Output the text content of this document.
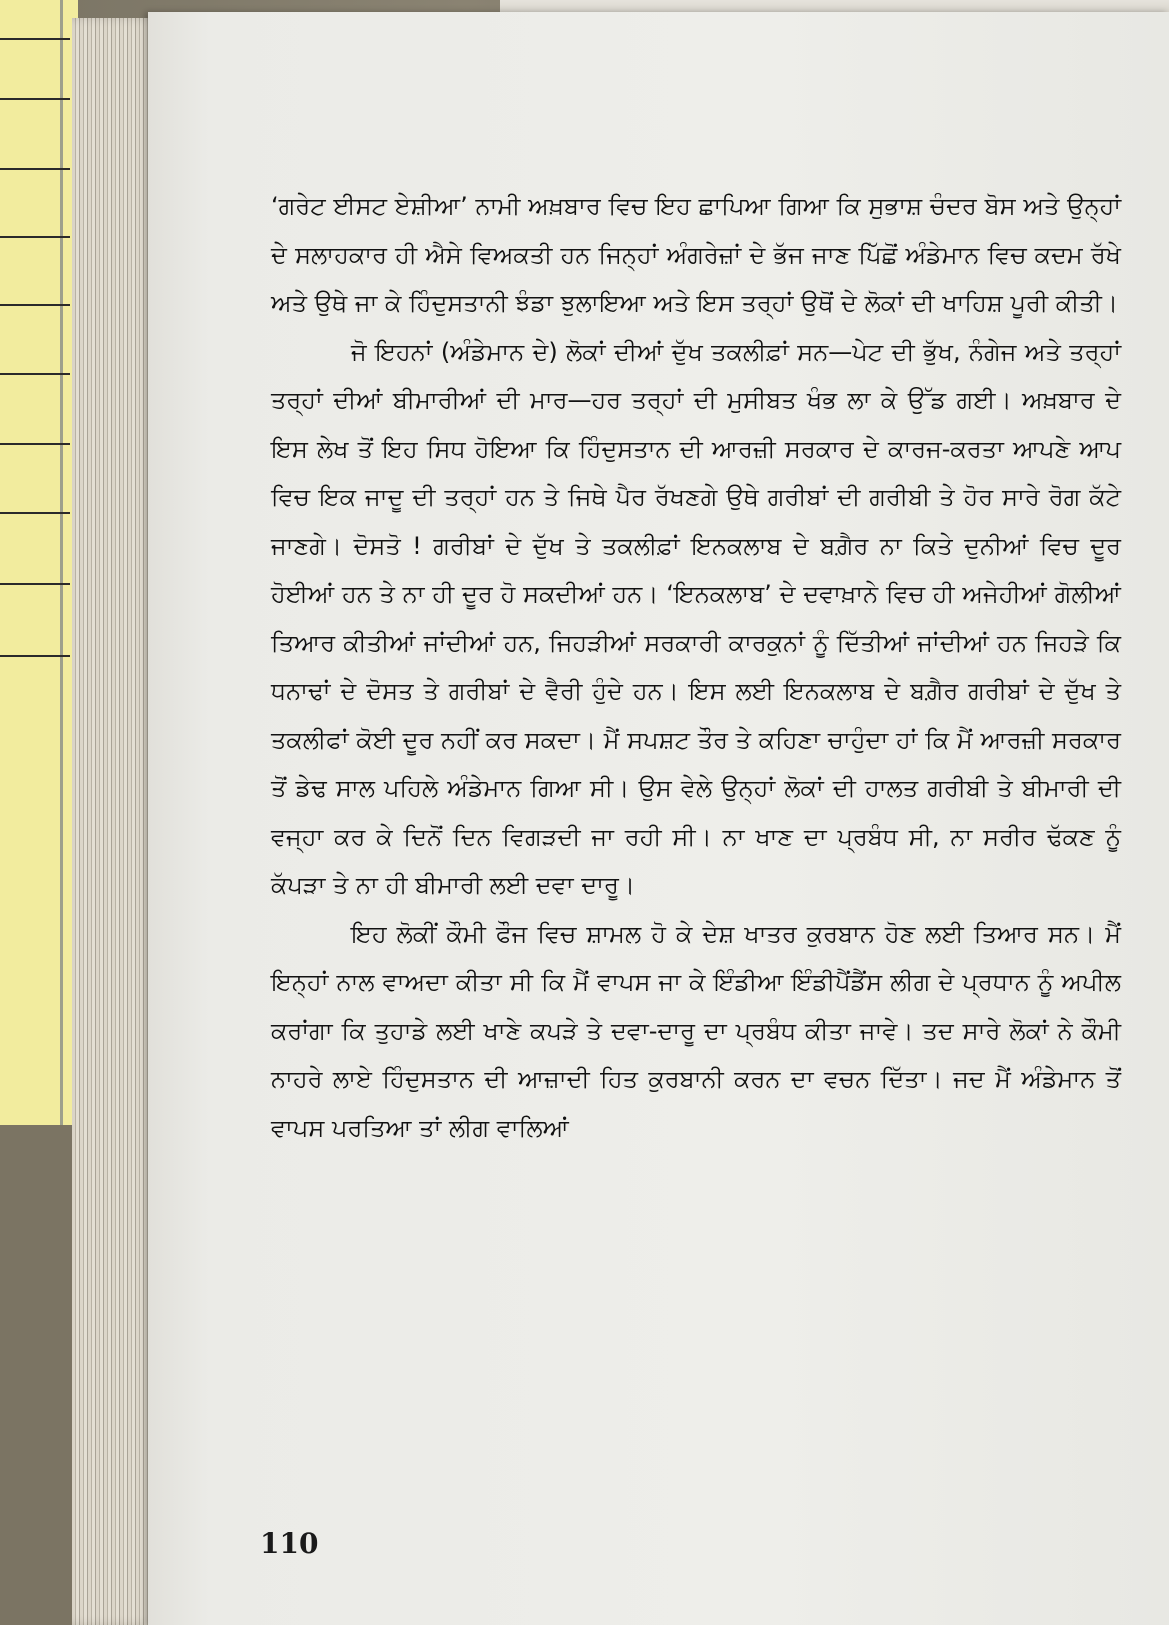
‘ਗਰੇਟ ਈਸਟ ਏਸ਼ੀਆ’ ਨਾਮੀ ਅਖ਼ਬਾਰ ਵਿਚ ਇਹ ਛਾਪਿਆ ਗਿਆ ਕਿ ਸੁਭਾਸ਼ ਚੰਦਰ ਬੋਸ ਅਤੇ ਉਨ੍ਹਾਂ ਦੇ ਸਲਾਹਕਾਰ ਹੀ ਐਸੇ ਵਿਅਕਤੀ ਹਨ ਜਿਨ੍ਹਾਂ ਅੰਗਰੇਜ਼ਾਂ ਦੇ ਭੱਜ ਜਾਣ ਪਿੱਛੋਂ ਅੰਡੇਮਾਨ ਵਿਚ ਕਦਮ ਰੱਖੇ ਅਤੇ ਉਥੇ ਜਾ ਕੇ ਹਿੰਦੁਸਤਾਨੀ ਝੰਡਾ ਝੁਲਾਇਆ ਅਤੇ ਇਸ ਤਰ੍ਹਾਂ ਉਥੋਂ ਦੇ ਲੋਕਾਂ ਦੀ ਖਾਹਿਸ਼ ਪੂਰੀ ਕੀਤੀ।

ਜੋ ਇਹਨਾਂ (ਅੰਡੇਮਾਨ ਦੇ) ਲੋਕਾਂ ਦੀਆਂ ਦੁੱਖ ਤਕਲੀਫ਼ਾਂ ਸਨ—ਪੇਟ ਦੀ ਭੁੱਖ, ਨੰਗੇਜ ਅਤੇ ਤਰ੍ਹਾਂ ਤਰ੍ਹਾਂ ਦੀਆਂ ਬੀਮਾਰੀਆਂ ਦੀ ਮਾਰ—ਹਰ ਤਰ੍ਹਾਂ ਦੀ ਮੁਸੀਬਤ ਖੰਭ ਲਾ ਕੇ ਉੱਡ ਗਈ। ਅਖ਼ਬਾਰ ਦੇ ਇਸ ਲੇਖ ਤੋਂ ਇਹ ਸਿਧ ਹੋਇਆ ਕਿ ਹਿੰਦੁਸਤਾਨ ਦੀ ਆਰਜ਼ੀ ਸਰਕਾਰ ਦੇ ਕਾਰਜ-ਕਰਤਾ ਆਪਣੇ ਆਪ ਵਿਚ ਇਕ ਜਾਦੂ ਦੀ ਤਰ੍ਹਾਂ ਹਨ ਤੇ ਜਿਥੇ ਪੈਰ ਰੱਖਣਗੇ ਉਥੇ ਗਰੀਬਾਂ ਦੀ ਗਰੀਬੀ ਤੇ ਹੋਰ ਸਾਰੇ ਰੋਗ ਕੱਟੇ ਜਾਣਗੇ। ਦੋਸਤੋ ! ਗਰੀਬਾਂ ਦੇ ਦੁੱਖ ਤੇ ਤਕਲੀਫ਼ਾਂ ਇਨਕਲਾਬ ਦੇ ਬਗ਼ੈਰ ਨਾ ਕਿਤੇ ਦੁਨੀਆਂ ਵਿਚ ਦੂਰ ਹੋਈਆਂ ਹਨ ਤੇ ਨਾ ਹੀ ਦੂਰ ਹੋ ਸਕਦੀਆਂ ਹਨ। ‘ਇਨਕਲਾਬ’ ਦੇ ਦਵਾਖ਼ਾਨੇ ਵਿਚ ਹੀ ਅਜੇਹੀਆਂ ਗੋਲੀਆਂ ਤਿਆਰ ਕੀਤੀਆਂ ਜਾਂਦੀਆਂ ਹਨ, ਜਿਹੜੀਆਂ ਸਰਕਾਰੀ ਕਾਰਕੁਨਾਂ ਨੂੰ ਦਿੱਤੀਆਂ ਜਾਂਦੀਆਂ ਹਨ ਜਿਹੜੇ ਕਿ ਧਨਾਢਾਂ ਦੇ ਦੋਸਤ ਤੇ ਗਰੀਬਾਂ ਦੇ ਵੈਰੀ ਹੁੰਦੇ ਹਨ। ਇਸ ਲਈ ਇਨਕਲਾਬ ਦੇ ਬਗ਼ੈਰ ਗਰੀਬਾਂ ਦੇ ਦੁੱਖ ਤੇ ਤਕਲੀਫਾਂ ਕੋਈ ਦੂਰ ਨਹੀਂ ਕਰ ਸਕਦਾ। ਮੈਂ ਸਪਸ਼ਟ ਤੌਰ ਤੇ ਕਹਿਣਾ ਚਾਹੁੰਦਾ ਹਾਂ ਕਿ ਮੈਂ ਆਰਜ਼ੀ ਸਰਕਾਰ ਤੋਂ ਡੇਢ ਸਾਲ ਪਹਿਲੇ ਅੰਡੇਮਾਨ ਗਿਆ ਸੀ। ਉਸ ਵੇਲੇ ਉਨ੍ਹਾਂ ਲੋਕਾਂ ਦੀ ਹਾਲਤ ਗਰੀਬੀ ਤੇ ਬੀਮਾਰੀ ਦੀ ਵਜ੍ਹਾ ਕਰ ਕੇ ਦਿਨੋਂ ਦਿਨ ਵਿਗੜਦੀ ਜਾ ਰਹੀ ਸੀ। ਨਾ ਖਾਣ ਦਾ ਪ੍ਰਬੰਧ ਸੀ, ਨਾ ਸਰੀਰ ਢੱਕਣ ਨੂੰ ਕੱਪੜਾ ਤੇ ਨਾ ਹੀ ਬੀਮਾਰੀ ਲਈ ਦਵਾ ਦਾਰੂ।

ਇਹ ਲੋਕੀਂ ਕੌਮੀ ਫੌਜ ਵਿਚ ਸ਼ਾਮਲ ਹੋ ਕੇ ਦੇਸ਼ ਖਾਤਰ ਕੁਰਬਾਨ ਹੋਣ ਲਈ ਤਿਆਰ ਸਨ। ਮੈਂ ਇਨ੍ਹਾਂ ਨਾਲ ਵਾਅਦਾ ਕੀਤਾ ਸੀ ਕਿ ਮੈਂ ਵਾਪਸ ਜਾ ਕੇ ਇੰਡੀਆ ਇੰਡੀਪੈਂਡੈਂਸ ਲੀਗ ਦੇ ਪ੍ਰਧਾਨ ਨੂੰ ਅਪੀਲ ਕਰਾਂਗਾ ਕਿ ਤੁਹਾਡੇ ਲਈ ਖਾਣੇ ਕਪੜੇ ਤੇ ਦਵਾ-ਦਾਰੂ ਦਾ ਪ੍ਰਬੰਧ ਕੀਤਾ ਜਾਵੇ। ਤਦ ਸਾਰੇ ਲੋਕਾਂ ਨੇ ਕੌਮੀ ਨਾਹਰੇ ਲਾਏ ਹਿੰਦੁਸਤਾਨ ਦੀ ਆਜ਼ਾਦੀ ਹਿਤ ਕੁਰਬਾਨੀ ਕਰਨ ਦਾ ਵਚਨ ਦਿੱਤਾ। ਜਦ ਮੈਂ ਅੰਡੇਮਾਨ ਤੋਂ ਵਾਪਸ ਪਰਤਿਆ ਤਾਂ ਲੀਗ ਵਾਲਿਆਂ

110
